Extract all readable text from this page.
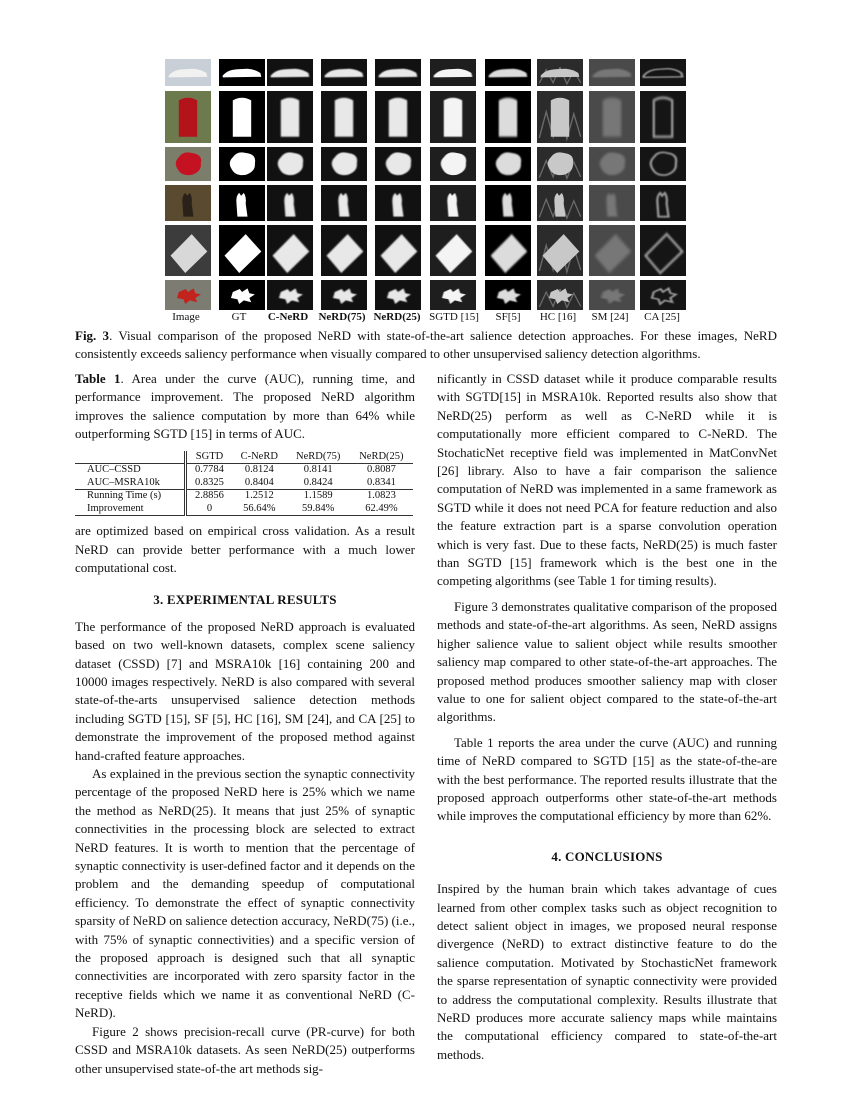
Image	GT C-NeRD NeRD(75) NeRD(25) SGTD [15] SF[5] HC [16] SM [24] CA [25]
Fig. 3. Visual comparison of the proposed NeRD with state-of-the-art salience detection approaches. For these images, NeRD consistently exceeds saliency performance when visually compared to other unsupervised saliency detection algorithms.

Table 1. Area under the curve (AUC), running time, and performance improvement. The proposed NeRD algorithm improves the salience computation by more than 64% while outperforming SGTD [15] in terms of AUC.

	SGTD	C-NeRD	NeRD(75)	NeRD(25)
AUC–CSSD	0.7784	0.8124	0.8141	0.8087
AUC–MSRA10k	0.8325	0.8404	0.8424	0.8341
Running Time (s)	2.8856	1.2512	1.1589	1.0823
Improvement	0	56.64%	59.84%	62.49%

are optimized based on empirical cross validation. As a result NeRD can provide better performance with a much lower computational cost.

3. EXPERIMENTAL RESULTS

The performance of the proposed NeRD approach is evaluated based on two well-known datasets, complex scene saliency dataset (CSSD) [7] and MSRA10k [16] containing 200 and 10000 images respectively. NeRD is also compared with several state-of-the-arts unsupervised salience detection methods including SGTD [15], SF [5], HC [16], SM [24], and CA [25] to demonstrate the improvement of the proposed method against hand-crafted feature approaches.

As explained in the previous section the synaptic connectivity percentage of the proposed NeRD here is 25% which we name the method as NeRD(25). It means that just 25% of synaptic connectivities in the processing block are selected to extract NeRD features. It is worth to mention that the percentage of synaptic connectivity is user-defined factor and it depends on the problem and the demanding speedup of computational efficiency. To demonstrate the effect of synaptic connectivity sparsity of NeRD on salience detection accuracy, NeRD(75) (i.e., with 75% of synaptic connectivities) and a specific version of the proposed approach is designed such that all synaptic connectivities are incorporated with zero sparsity factor in the receptive fields which we name it as conventional NeRD (C-NeRD).

Figure 2 shows precision-recall curve (PR-curve) for both CSSD and MSRA10k datasets. As seen NeRD(25) outperforms other unsupervised state-of-the art methods sig-

nificantly in CSSD dataset while it produce comparable results with SGTD[15] in MSRA10k. Reported results also show that NeRD(25) perform as well as C-NeRD while it is computationally more efficient compared to C-NeRD. The StochaticNet receptive field was implemented in MatConvNet [26] library. Also to have a fair comparison the salience computation of NeRD was implemented in a same framework as SGTD while it does not need PCA for feature reduction and also the feature extraction part is a sparse convolution operation which is very fast. Due to these facts, NeRD(25) is much faster than SGTD [15] framework which is the best one in the competing algorithms (see Table 1 for timing results).

Figure 3 demonstrates qualitative comparison of the proposed methods and state-of-the-art algorithms. As seen, NeRD assigns higher salience value to salient object while results smoother saliency map compared to other state-of-the-art approaches. The proposed method produces smoother saliency map with closer value to one for salient object compared to the state-of-the-art algorithms.

Table 1 reports the area under the curve (AUC) and running time of NeRD compared to SGTD [15] as the state-of-the-are with the best performance. The reported results illustrate that the proposed approach outperforms other state-of-the-art methods while improves the computational efficiency by more than 62%.

4. CONCLUSIONS

Inspired by the human brain which takes advantage of cues learned from other complex tasks such as object recognition to detect salient object in images, we proposed neural response divergence (NeRD) to extract distinctive feature to do the salience computation. Motivated by StochasticNet framework the sparse representation of synaptic connectivity were provided to address the computational complexity. Results illustrate that NeRD produces more accurate saliency maps while maintains the computational efficiency compared to state-of-the-art methods.
